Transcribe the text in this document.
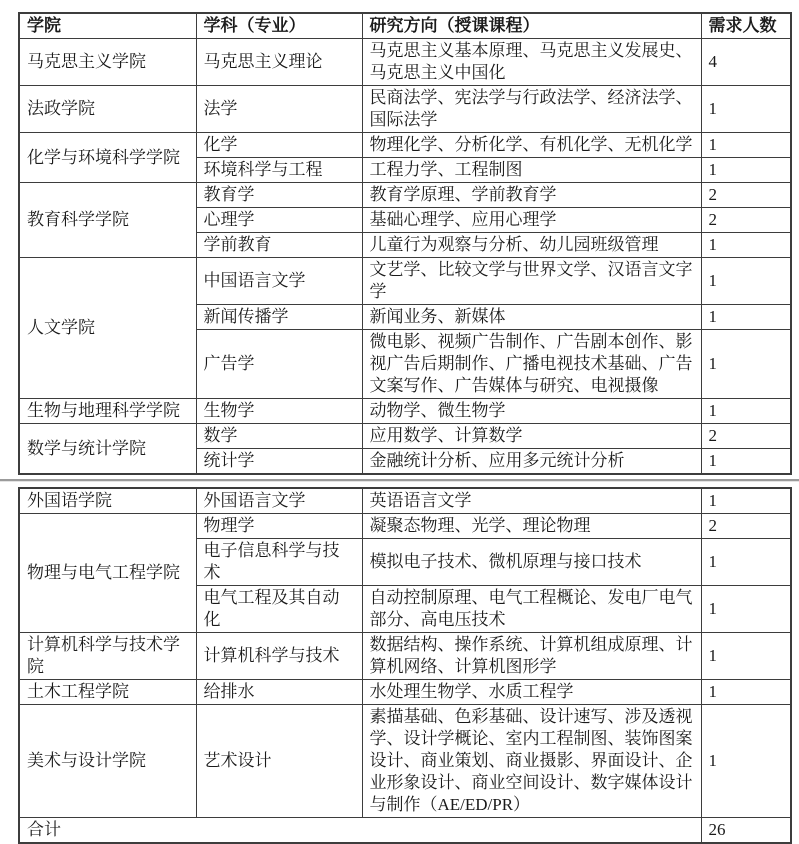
学院	学科（专业）	研究方向（授课课程）	需求人数
马克思主义学院	马克思主义理论	马克思主义基本原理、马克思主义发展史、马克思主义中国化	4
法政学院	法学	民商法学、宪法学与行政法学、经济法学、国际法学	1
化学与环境科学学院	化学	物理化学、分析化学、有机化学、无机化学	1
	环境科学与工程	工程力学、工程制图	1
教育科学学院	教育学	教育学原理、学前教育学	2
	心理学	基础心理学、应用心理学	2
	学前教育	儿童行为观察与分析、幼儿园班级管理	1
人文学院	中国语言文学	文艺学、比较文学与世界文学、汉语言文字学	1
	新闻传播学	新闻业务、新媒体	1
	广告学	微电影、视频广告制作、广告剧本创作、影视广告后期制作、广播电视技术基础、广告文案写作、广告媒体与研究、电视摄像	1
生物与地理科学学院	生物学	动物学、微生物学	1
数学与统计学院	数学	应用数学、计算数学	2
	统计学	金融统计分析、应用多元统计分析	1
外国语学院	外国语言文学	英语语言文学	1
物理与电气工程学院	物理学	凝聚态物理、光学、理论物理	2
	电子信息科学与技术	模拟电子技术、微机原理与接口技术	1
	电气工程及其自动化	自动控制原理、电气工程概论、发电厂电气部分、高电压技术	1
计算机科学与技术学院	计算机科学与技术	数据结构、操作系统、计算机组成原理、计算机网络、计算机图形学	1
土木工程学院	给排水	水处理生物学、水质工程学	1
美术与设计学院	艺术设计	素描基础、色彩基础、设计速写、涉及透视学、设计学概论、室内工程制图、装饰图案设计、商业策划、商业摄影、界面设计、企业形象设计、商业空间设计、数字媒体设计与制作（AE/ED/PR）	1
合计			26
